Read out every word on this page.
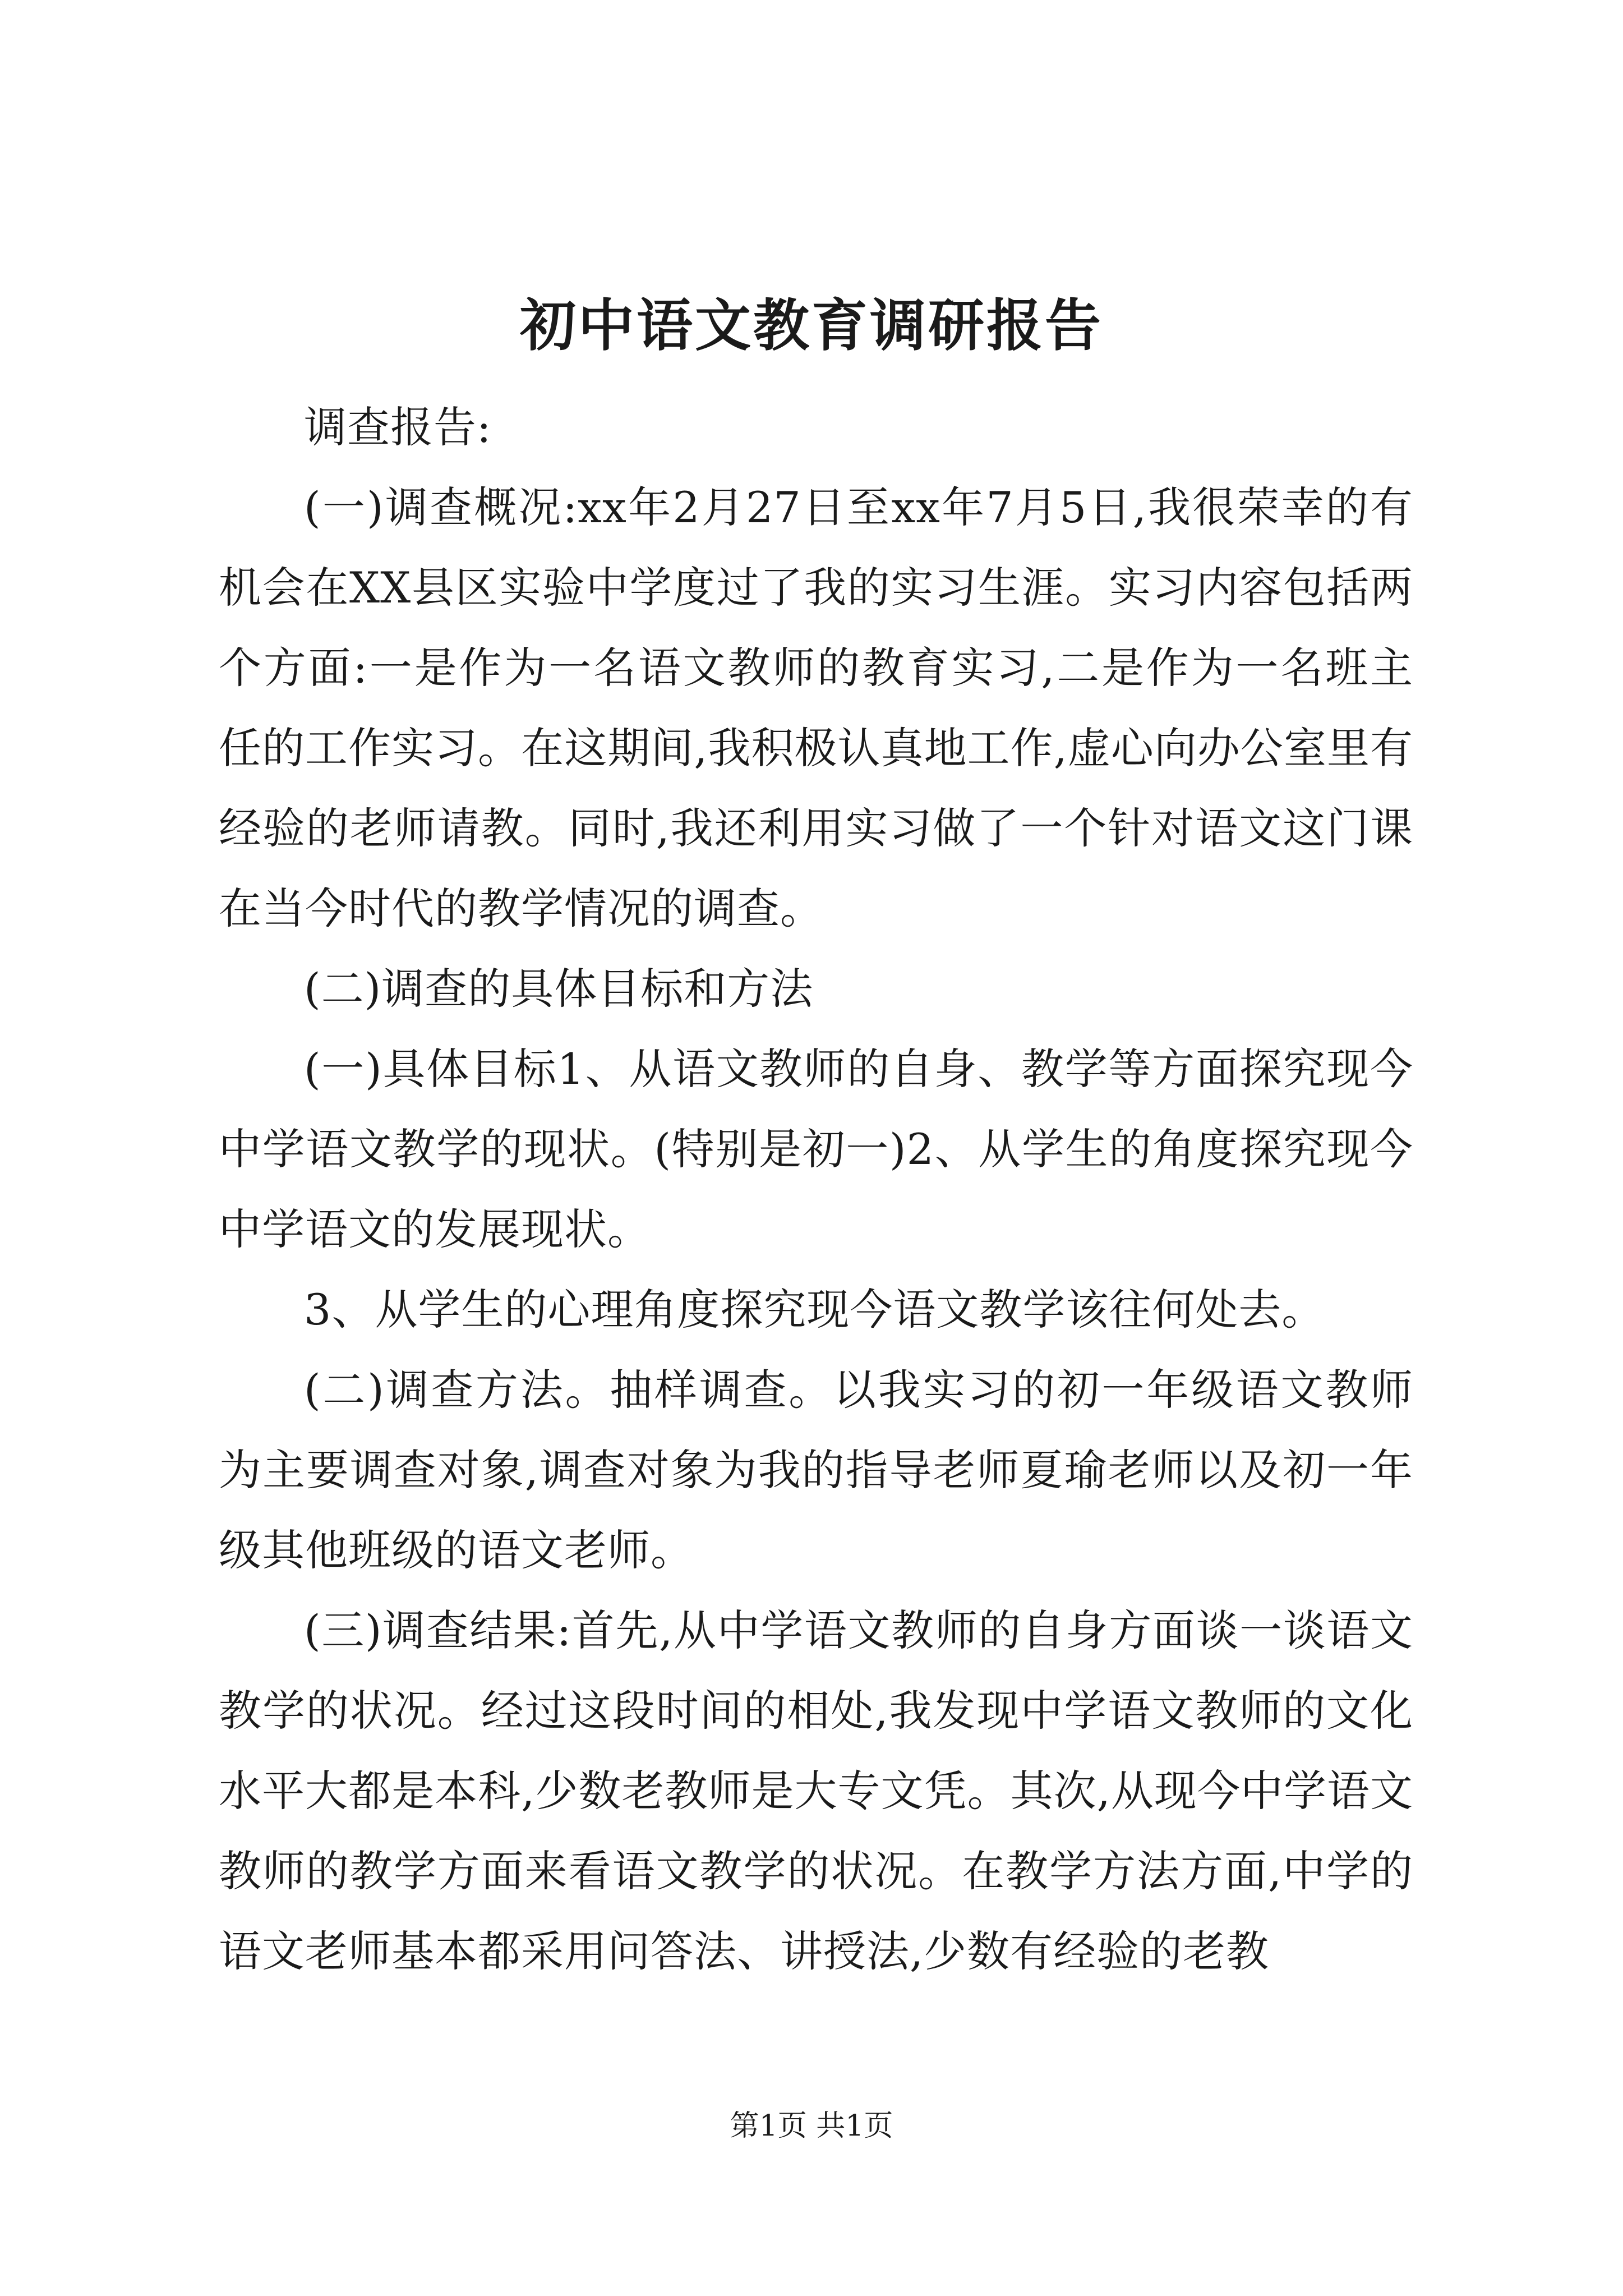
初中语文教育调研报告

调查报告:

(一)调查概况:xx年2月27日至xx年7月5日,我很荣幸的有机会在XX县区实验中学度过了我的实习生涯。实习内容包括两个方面:一是作为一名语文教师的教育实习,二是作为一名班主任的工作实习。在这期间,我积极认真地工作,虚心向办公室里有经验的老师请教。同时,我还利用实习做了一个针对语文这门课在当今时代的教学情况的调查。

(二)调查的具体目标和方法

(一)具体目标1、从语文教师的自身、教学等方面探究现今中学语文教学的现状。(特别是初一)2、从学生的角度探究现今中学语文的发展现状。

3、从学生的心理角度探究现今语文教学该往何处去。

(二)调查方法。抽样调查。以我实习的初一年级语文教师为主要调查对象,调查对象为我的指导老师夏瑜老师以及初一年级其他班级的语文老师。

(三)调查结果:首先,从中学语文教师的自身方面谈一谈语文教学的状况。经过这段时间的相处,我发现中学语文教师的文化水平大都是本科,少数老教师是大专文凭。其次,从现今中学语文教师的教学方面来看语文教学的状况。在教学方法方面,中学的语文老师基本都采用问答法、讲授法,少数有经验的老教

第1页 共1页
